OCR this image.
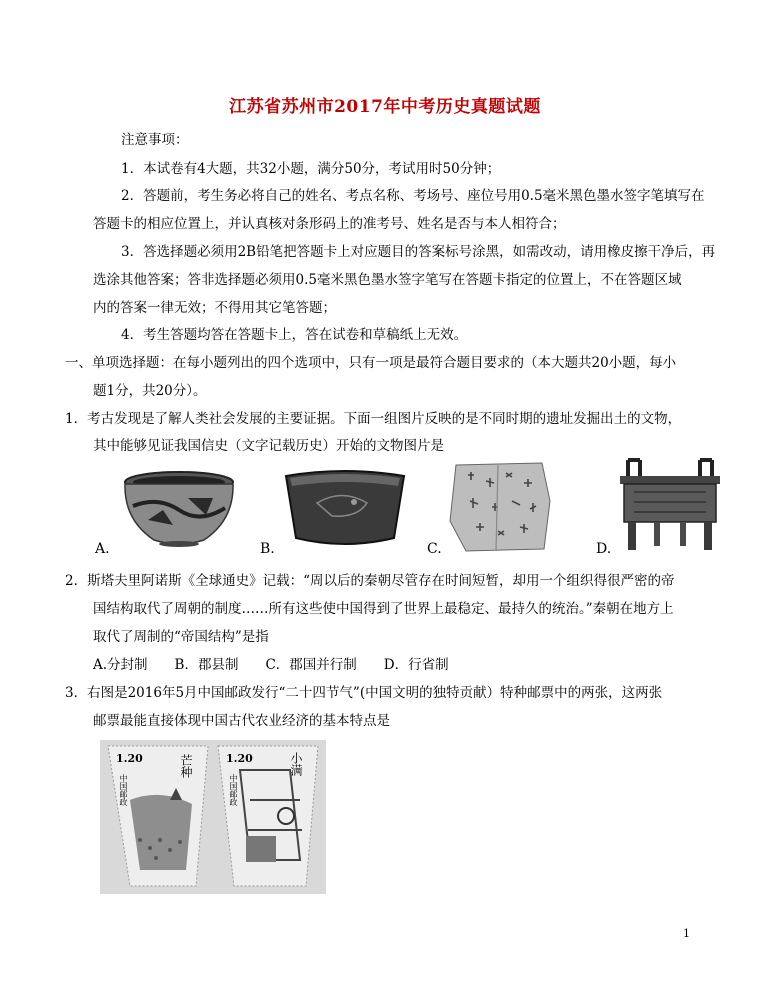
江苏省苏州市2017年中考历史真题试题
注意事项：
1．本试卷有4大题，共32小题，满分50分，考试用时50分钟；
2．答题前，考生务必将自己的姓名、考点名称、考场号、座位号用0.5毫米黑色墨水签字笔填写在
答题卡的相应位置上，并认真核对条形码上的准考号、姓名是否与本人相符合；
3．答选择题必须用2B铅笔把答题卡上对应题目的答案标号涂黑，如需改动，请用橡皮擦干净后，再
选涂其他答案；答非选择题必须用0.5毫米黑色墨水签字笔写在答题卡指定的位置上，不在答题区域
内的答案一律无效；不得用其它笔答题；
4．考生答题均答在答题卡上，答在试卷和草稿纸上无效。
一、单项选择题：在每小题列出的四个选项中，只有一项是最符合题目要求的（本大题共20小题，每小
题1分，共20分）。
1．考古发现是了解人类社会发展的主要证据。下面一组图片反映的是不同时期的遗址发掘出土的文物，
其中能够见证我国信史（文字记载历史）开始的文物图片是
A.	B.	C.	D.
2．斯塔夫里阿诺斯《全球通史》记载：“周以后的秦朝尽管存在时间短暂，却用一个组织得很严密的帝
国结构取代了周朝的制度……所有这些使中国得到了世界上最稳定、最持久的统治。”秦朝在地方上
取代了周制的“帝国结构”是指
A.分封制　　B．郡县制　　C．郡国并行制　　D．行省制
3．右图是2016年5月中国邮政发行“二十四节气”(中国文明的独特贡献）特种邮票中的两张，这两张
邮票最能直接体现中国古代农业经济的基本特点是
1.20	芒种
中国邮政
1.20	小满
中国邮政
1
